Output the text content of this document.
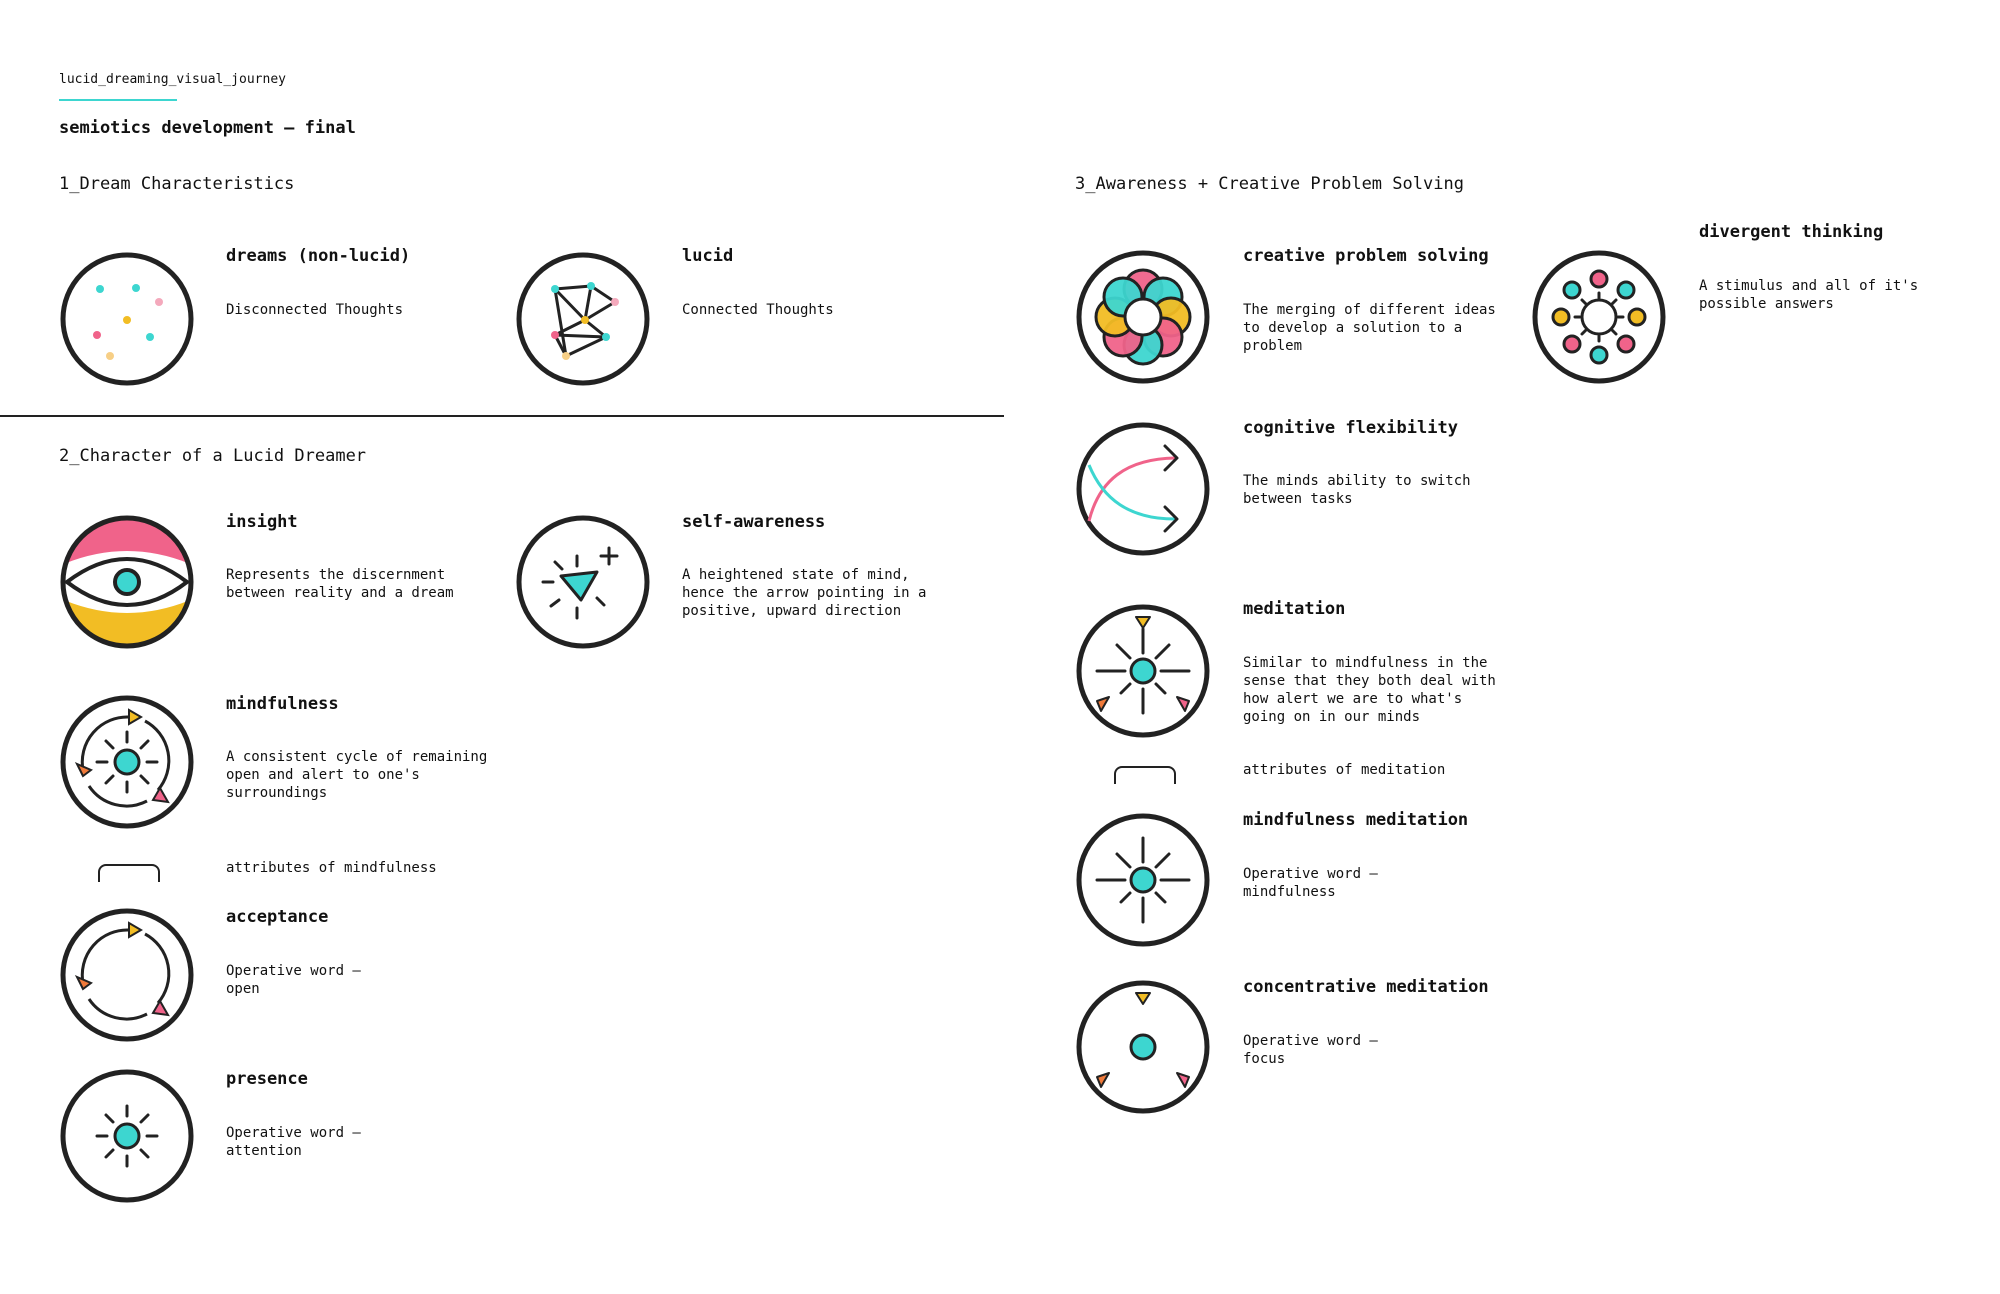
lucid_dreaming_visual_journey
semiotics development — final
1_Dream Characteristics
2_Character of a Lucid Dreamer
3_Awareness + Creative Problem Solving
dreams (non-lucid)
Disconnected Thoughts
lucid
Connected Thoughts
insight
Represents the discernment
between reality and a dream
self-awareness
A heightened state of mind,
hence the arrow pointing in a
positive, upward direction
mindfulness
A consistent cycle of remaining
open and alert to one's
surroundings
attributes of mindfulness
acceptance
Operative word —
open
presence
Operative word —
attention
creative problem solving
The merging of different ideas
to develop a solution to a
problem
divergent thinking
A stimulus and all of it's
possible answers
cognitive flexibility
The minds ability to switch
between tasks
meditation
Similar to mindfulness in the
sense that they both deal with
how alert we are to what's
going on in our minds
attributes of meditation
mindfulness meditation
Operative word —
mindfulness
concentrative meditation
Operative word —
focus
